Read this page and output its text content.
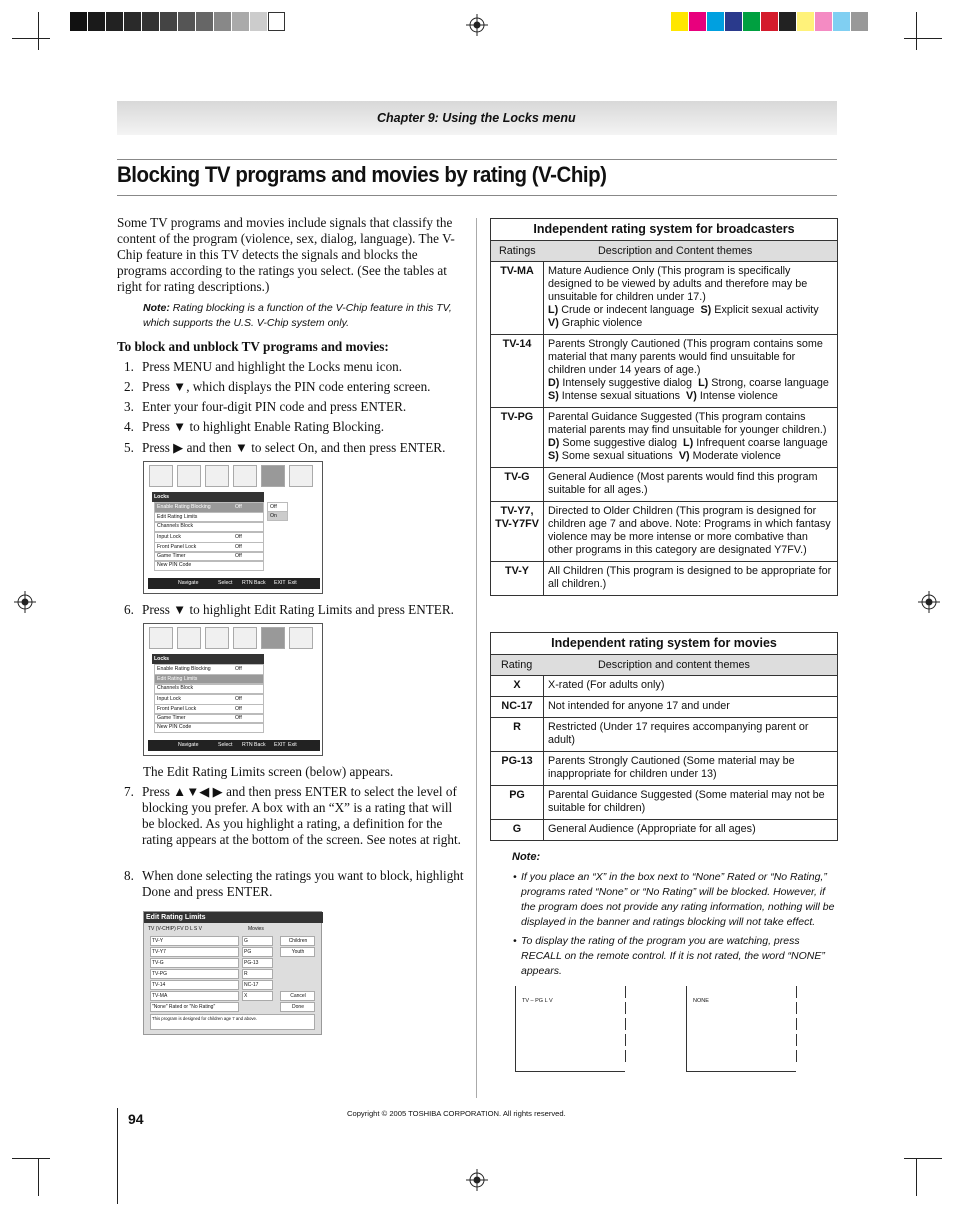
Chapter 9: Using the Locks menu
Blocking TV programs and movies by rating (V-Chip)
Some TV programs and movies include signals that classify the content of the program (violence, sex, dialog, language). The V-Chip feature in this TV detects the signals and blocks the programs according to the ratings you select. (See the tables at right for rating descriptions.)
Note: Rating blocking is a function of the V-Chip feature in this TV, which supports the U.S. V-Chip system only.
To block and unblock TV programs and movies:
1. Press MENU and highlight the Locks menu icon.
2. Press ▼, which displays the PIN code entering screen.
3. Enter your four-digit PIN code and press ENTER.
4. Press ▼ to highlight Enable Rating Blocking.
5. Press ▶ and then ▼ to select On, and then press ENTER.
Locks
Enable Rating Blocking	Off
Edit Rating Limits
Channels Block
Input Lock	Off
Front Panel Lock	Off
Game Timer	Off
New PIN Code
Off
On
Navigate	Select RTN Back EXIT Exit
6. Press ▼ to highlight Edit Rating Limits and press ENTER.
Locks
Enable Rating Blocking	Off
Edit Rating Limits
Channels Block
Input Lock	Off
Front Panel Lock	Off
Game Timer	Off
New PIN Code
Navigate	Select RTN Back EXIT Exit
The Edit Rating Limits screen (below) appears.
7. Press ▲▼◀ ▶ and then press ENTER to select the level of blocking you prefer. A box with an “X” is a rating that will be blocked. As you highlight a rating, a definition for the rating appears at the bottom of the screen. See notes at right.
8. When done selecting the ratings you want to block, highlight Done and press ENTER.
Edit Rating Limits
TV (V-CHIP) FV D L S V	Movies
TV-Y
TV-Y7
TV-G
TV-PG
TV-14
TV-MA
G
PG
PG-13
R
NC-17
X
Children
Youth
Cancel
Done
"None" Rated or "No Rating"
This program is designed for children age 7 and above.
Independent rating system for broadcasters
Ratings	Description and Content themes
TV-MA	Mature Audience Only (This program is specifically designed to be viewed by adults and therefore may be unsuitable for children under 17.)
L) Crude or indecent language  S) Explicit sexual activity
V) Graphic violence
TV-14	Parents Strongly Cautioned (This program contains some material that many parents would find unsuitable for children under 14 years of age.)
D) Intensely suggestive dialog  L) Strong, coarse language
S) Intense sexual situations  V) Intense violence
TV-PG	Parental Guidance Suggested (This program contains material parents may find unsuitable for younger children.)
D) Some suggestive dialog  L) Infrequent coarse language
S) Some sexual situations  V) Moderate violence
TV-G	General Audience (Most parents would find this program suitable for all ages.)
TV-Y7, TV-Y7FV
Directed to Older Children (This program is designed for children age 7 and above. Note: Programs in which fantasy violence may be more intense or more combative than other programs in this category are designated Y7FV.)
TV-Y	All Children (This program is designed to be appropriate for all children.)
Independent rating system for movies
Rating	Description and content themes
X	X-rated (For adults only)
NC-17	Not intended for anyone 17 and under
R	Restricted (Under 17 requires accompanying parent or adult)
PG-13	Parents Strongly Cautioned (Some material may be inappropriate for children under 13)
PG	Parental Guidance Suggested (Some material may not be suitable for children)
G	General Audience (Appropriate for all ages)
Note:
• If you place an “X” in the box next to “None” Rated or “No Rating,” programs rated “None” or “No Rating” will be blocked. However, if the program does not provide any rating information, nothing will be displayed in the banner and ratings blocking will not take effect.
• To display the rating of the program you are watching, press RECALL on the remote control. If it is not rated, the word “NONE” appears.
TV – PG L V	NONE
94	Copyright © 2005 TOSHIBA CORPORATION. All rights reserved.
